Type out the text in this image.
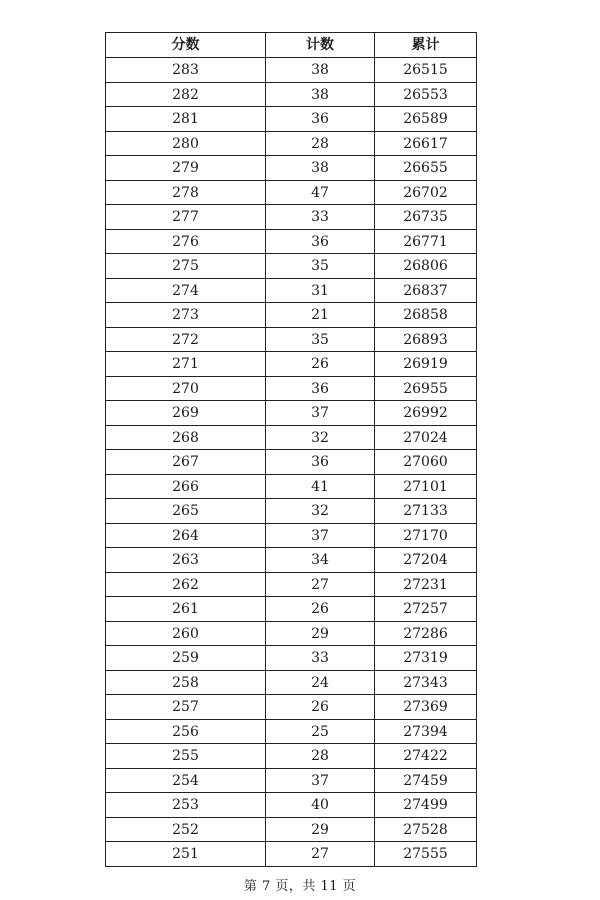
分数	计数	累计
283	38	26515
282	38	26553
281	36	26589
280	28	26617
279	38	26655
278	47	26702
277	33	26735
276	36	26771
275	35	26806
274	31	26837
273	21	26858
272	35	26893
271	26	26919
270	36	26955
269	37	26992
268	32	27024
267	36	27060
266	41	27101
265	32	27133
264	37	27170
263	34	27204
262	27	27231
261	26	27257
260	29	27286
259	33	27319
258	24	27343
257	26	27369
256	25	27394
255	28	27422
254	37	27459
253	40	27499
252	29	27528
251	27	27555
第 7 页，共 11 页
